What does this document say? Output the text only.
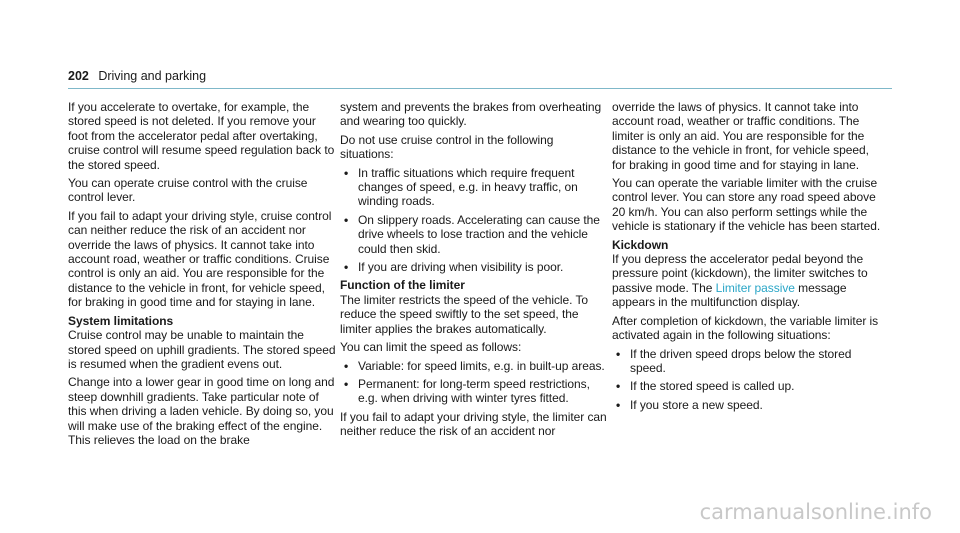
202 Driving and parking

If you accelerate to overtake, for example, the stored speed is not deleted. If you remove your foot from the accelerator pedal after overtaking, cruise control will resume speed regulation back to the stored speed.

You can operate cruise control with the cruise control lever.

If you fail to adapt your driving style, cruise control can neither reduce the risk of an accident nor override the laws of physics. It cannot take into account road, weather or traffic conditions. Cruise control is only an aid. You are responsible for the distance to the vehicle in front, for vehicle speed, for braking in good time and for staying in lane.

System limitations

Cruise control may be unable to maintain the stored speed on uphill gradients. The stored speed is resumed when the gradient evens out.

Change into a lower gear in good time on long and steep downhill gradients. Take particular note of this when driving a laden vehicle. By doing so, you will make use of the braking effect of the engine. This relieves the load on the brake

system and prevents the brakes from overheating and wearing too quickly.

Do not use cruise control in the following situations:

• In traffic situations which require frequent changes of speed, e.g. in heavy traffic, on winding roads.
• On slippery roads. Accelerating can cause the drive wheels to lose traction and the vehicle could then skid.
• If you are driving when visibility is poor.
Function of the limiter

The limiter restricts the speed of the vehicle. To reduce the speed swiftly to the set speed, the limiter applies the brakes automatically.

You can limit the speed as follows:

• Variable: for speed limits, e.g. in built-up areas.
• Permanent: for long-term speed restrictions, e.g. when driving with winter tyres fitted.

If you fail to adapt your driving style, the limiter can neither reduce the risk of an accident nor

override the laws of physics. It cannot take into account road, weather or traffic conditions. The limiter is only an aid. You are responsible for the distance to the vehicle in front, for vehicle speed, for braking in good time and for staying in lane.

You can operate the variable limiter with the cruise control lever. You can store any road speed above 20 km/h. You can also perform settings while the vehicle is stationary if the vehicle has been started.

Kickdown

If you depress the accelerator pedal beyond the pressure point (kickdown), the limiter switches to passive mode. The Limiter passive message appears in the multifunction display.

After completion of kickdown, the variable limiter is activated again in the following situations:

• If the driven speed drops below the stored speed.
• If the stored speed is called up.
• If you store a new speed.
carmanualsonline.info
